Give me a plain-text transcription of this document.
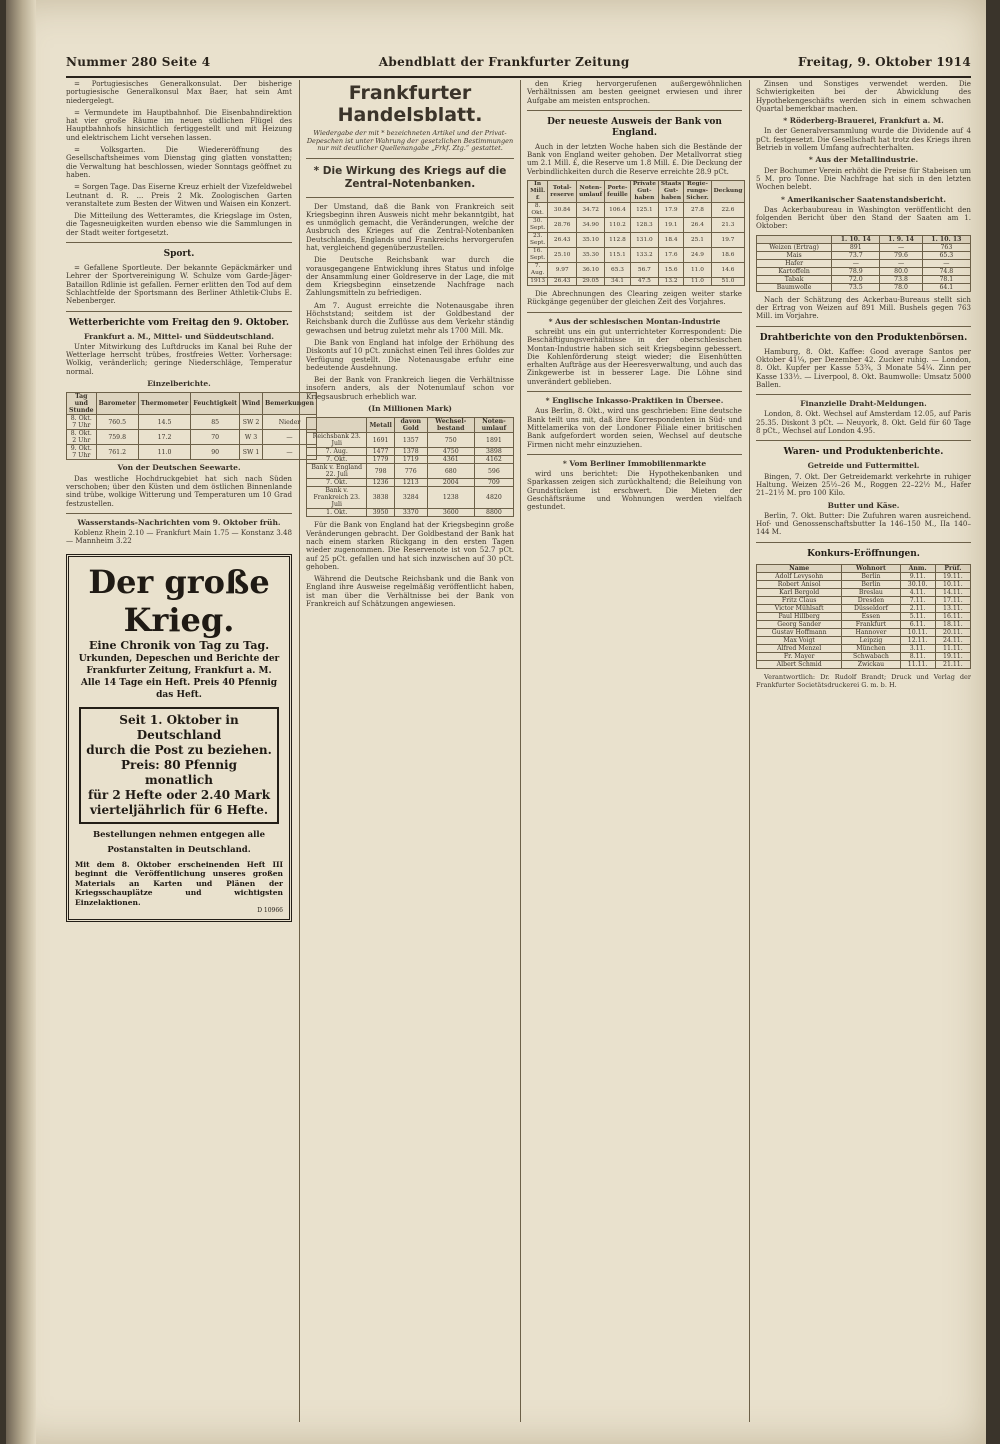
Nummer 280 Seite 4	Abendblatt der Frankfurter Zeitung	Freitag, 9. Oktober 1914

= Portugiesisches Generalkonsulat. Der bisherige portugiesische Generalkonsul Max Baer, hat sein Amt niedergelegt.

= Vermundete im Hauptbahnhof. Die Eisenbahndirektion hat vier große Räume im neuen südlichen Flügel des Hauptbahnhofs hinsichtlich fertiggestellt und mit Heizung und elektrischem Licht versehen lassen.

= Volksgarten. Die Wiedereröffnung des Gesellschaftsheimes vom Dienstag ging glatten vonstatten; die Verwaltung hat beschlossen, wieder Sonntags geöffnet zu haben.

= Sorgen Tage. Das Eiserne Kreuz erhielt der Vizefeldwebel Leutnant d. R. ... Preis 2 Mk. Zoologischen Garten veranstaltete zum Besten der Witwen und Waisen ein Konzert.

Die Mitteilung des Wetteramtes, die Kriegslage im Osten, die Tagesneuigkeiten wurden ebenso wie die Sammlungen in der Stadt weiter fortgesetzt.

Sport.

= Gefallene Sportleute. Der bekannte Gepäckmärker und Lehrer der Sportvereinigung W. Schulze vom Garde-Jäger-Bataillon Rdlinie ist gefallen. Ferner erlitten den Tod auf dem Schlachtfelde der Sportsmann des Berliner Athletik-Clubs E. Nebenberger.

Wetterberichte vom Freitag den 9. Oktober.
Frankfurt a. M., Mittel- und Süddeutschland.

Unter Mitwirkung des Luftdrucks im Kanal bei Ruhe der Wetterlage herrscht trübes, frostfreies Wetter. Vorhersage: Wolkig, veränderlich; geringe Niederschläge, Temperatur normal.

Einzelberichte.
Tag und Stunde	Barometer	Thermometer	Feuchtigkeit	Wind	Bemerkungen
8. Okt. 7 Uhr	760.5	14.5	85	SW 2	Nieder
8. Okt. 2 Uhr	759.8	17.2	70	W 3	—
9. Okt. 7 Uhr	761.2	11.0	90	SW 1	—
Von der Deutschen Seewarte.

Das westliche Hochdruckgebiet hat sich nach Süden verschoben; über den Küsten und dem östlichen Binnenlande sind trübe, wolkige Witterung und Temperaturen um 10 Grad festzustellen.

Wasserstands-Nachrichten vom 9. Oktober früh.

Koblenz Rhein 2.10 — Frankfurt Main 1.75 — Konstanz 3.48 — Mannheim 3.22

Der große Krieg.
Eine Chronik von Tag zu Tag.
Urkunden, Depeschen und Berichte der
Frankfurter Zeitung, Frankfurt a. M.
Alle 14 Tage ein Heft. Preis 40 Pfennig das Heft.
Seit 1. Oktober in Deutschland
durch die Post zu beziehen.
Preis: 80 Pfennig monatlich
für 2 Hefte oder 2.40 Mark
vierteljährlich für 6 Hefte.
Bestellungen nehmen entgegen alle
Postanstalten in Deutschland.
Mit dem 8. Oktober erscheinenden Heft III beginnt die Veröffentlichung unseres großen Materials an Karten und Plänen der Kriegsschauplätze und wichtigsten Einzelaktionen.
D 10966
Frankfurter Handelsblatt.
Wiedergabe der mit * bezeichneten Artikel und der Privat-Depeschen ist unter Wahrung der gesetzlichen Bestimmungen nur mit deutlicher Quellenangabe „Frkf. Ztg.“ gestattet.
* Die Wirkung des Kriegs auf die Zentral-Notenbanken.

Der Umstand, daß die Bank von Frankreich seit Kriegsbeginn ihren Ausweis nicht mehr bekanntgibt, hat es unmöglich gemacht, die Veränderungen, welche der Ausbruch des Krieges auf die Zentral-Notenbanken Deutschlands, Englands und Frankreichs hervorgerufen hat, vergleichend gegenüberzustellen.

Die Deutsche Reichsbank war durch die vorausgegangene Entwicklung ihres Status und infolge der Ansammlung einer Goldreserve in der Lage, die mit dem Kriegsbeginn einsetzende Nachfrage nach Zahlungsmitteln zu befriedigen.

Am 7. August erreichte die Notenausgabe ihren Höchststand; seitdem ist der Goldbestand der Reichsbank durch die Zuflüsse aus dem Verkehr ständig gewachsen und betrug zuletzt mehr als 1700 Mill. Mk.

Die Bank von England hat infolge der Erhöhung des Diskonts auf 10 pCt. zunächst einen Teil ihres Goldes zur Verfügung gestellt. Die Notenausgabe erfuhr eine bedeutende Ausdehnung.

Bei der Bank von Frankreich liegen die Verhältnisse insofern anders, als der Notenumlauf schon vor Kriegsausbruch erheblich war.

(In Millionen Mark)
	Metall	davon Gold	Wechsel-bestand	Noten-umlauf
Reichsbank 23. Juli	1691	1357	750	1891
7. Aug.	1477	1378	4750	3898
7. Okt.	1779	1719	4361	4162
Bank v. England 22. Juli	798	776	680	596
7. Okt.	1236	1213	2004	709
Bank v. Frankreich 23. Juli	3838	3284	1238	4820
1. Okt.	3950	3370	3600	8800

Für die Bank von England hat der Kriegsbeginn große Veränderungen gebracht. Der Goldbestand der Bank hat nach einem starken Rückgang in den ersten Tagen wieder zugenommen. Die Reservenote ist von 52.7 pCt. auf 25 pCt. gefallen und hat sich inzwischen auf 30 pCt. gehoben.

Während die Deutsche Reichsbank und die Bank von England ihre Ausweise regelmäßig veröffentlicht haben, ist man über die Verhältnisse bei der Bank von Frankreich auf Schätzungen angewiesen.

den Krieg hervorgerufenen außergewöhnlichen Verhältnissen am besten geeignet erwiesen und ihrer Aufgabe am meisten entsprochen.

Der neueste Ausweis der Bank von England.

Auch in der letzten Woche haben sich die Bestände der Bank von England weiter gehoben. Der Metallvorrat stieg um 2.1 Mill. £, die Reserve um 1.8 Mill. £. Die Deckung der Verbindlichkeiten durch die Reserve erreichte 28.9 pCt.

In Mill. £	Total-reserve	Noten-umlauf	Porte-feuille	Private Gut-haben	Staats Gut-haben	Regie-rungs-Sicher.	Deckung
8. Okt.	30.84	34.72	106.4	125.1	17.9	27.8	22.6
30. Sept.	28.76	34.90	110.2	128.3	19.1	26.4	21.3
23. Sept.	26.43	35.10	112.8	131.0	18.4	25.1	19.7
16. Sept.	25.10	35.30	115.1	133.2	17.6	24.9	18.6
7. Aug.	9.97	36.10	65.3	56.7	15.6	11.0	14.6
1913	26.43	29.05	34.1	47.5	13.2	11.0	51.0

Die Abrechnungen des Clearing zeigen weiter starke Rückgänge gegenüber der gleichen Zeit des Vorjahres.

* Aus der schlesischen Montan-Industrie

schreibt uns ein gut unterrichteter Korrespondent: Die Beschäftigungsverhältnisse in der oberschlesischen Montan-Industrie haben sich seit Kriegsbeginn gebessert. Die Kohlenförderung steigt wieder; die Eisenhütten erhalten Aufträge aus der Heeresverwaltung, und auch das Zinkgewerbe ist in besserer Lage. Die Löhne sind unverändert geblieben.

* Englische Inkasso-Praktiken in Übersee.

Aus Berlin, 8. Okt., wird uns geschrieben: Eine deutsche Bank teilt uns mit, daß ihre Korrespondenten in Süd- und Mittelamerika von der Londoner Filiale einer britischen Bank aufgefordert worden seien, Wechsel auf deutsche Firmen nicht mehr einzuziehen.

* Vom Berliner Immobilienmarkte

wird uns berichtet: Die Hypothekenbanken und Sparkassen zeigen sich zurückhaltend; die Beleihung von Grundstücken ist erschwert. Die Mieten der Geschäftsräume und Wohnungen werden vielfach gestundet.

Zinsen und Sonstiges verwendet werden. Die Schwierigkeiten bei der Abwicklung des Hypothekengeschäfts werden sich in einem schwachen Quartal bemerkbar machen.

* Röderberg-Brauerei, Frankfurt a. M.

In der Generalversammlung wurde die Dividende auf 4 pCt. festgesetzt. Die Gesellschaft hat trotz des Kriegs ihren Betrieb in vollem Umfang aufrechterhalten.

* Aus der Metallindustrie.

Der Bochumer Verein erhöht die Preise für Stabeisen um 5 M. pro Tonne. Die Nachfrage hat sich in den letzten Wochen belebt.

* Amerikanischer Saatenstandsbericht.

Das Ackerbaubureau in Washington veröffentlicht den folgenden Bericht über den Stand der Saaten am 1. Oktober:

	1. 10. 14	1. 9. 14	1. 10. 13
Weizen (Ertrag)	891	—	763
Mais	73.7	79.6	65.3
Hafer	—	—	—
Kartoffeln	78.9	80.0	74.8
Tabak	72.0	73.8	78.1
Baumwolle	73.5	78.0	64.1

Nach der Schätzung des Ackerbau-Bureaus stellt sich der Ertrag von Weizen auf 891 Mill. Bushels gegen 763 Mill. im Vorjahre.

Drahtberichte von den Produktenbörsen.

Hamburg, 8. Okt. Kaffee: Good average Santos per Oktober 41¼, per Dezember 42. Zucker ruhig. — London, 8. Okt. Kupfer per Kasse 53¾, 3 Monate 54¼. Zinn per Kasse 133½. — Liverpool, 8. Okt. Baumwolle: Umsatz 5000 Ballen.

Finanzielle Draht-Meldungen.

London, 8. Okt. Wechsel auf Amsterdam 12.05, auf Paris 25.35. Diskont 3 pCt. — Neuyork, 8. Okt. Geld für 60 Tage 8 pCt., Wechsel auf London 4.95.

Waren- und Produktenberichte.
Getreide und Futtermittel.

Bingen, 7. Okt. Der Getreidemarkt verkehrte in ruhiger Haltung. Weizen 25½–26 M., Roggen 22–22½ M., Hafer 21–21½ M. pro 100 Kilo.

Butter und Käse.

Berlin, 7. Okt. Butter: Die Zufuhren waren ausreichend. Hof- und Genossenschaftsbutter Ia 146–150 M., IIa 140–144 M.

Konkurs-Eröffnungen.
Name	Wohnort	Anm.	Prüf.
Adolf Levysohn	Berlin	9.11.	19.11.
Robert Anisol	Berlin	30.10.	10.11.
Karl Bergold	Breslau	4.11.	14.11.
Fritz Claus	Dresden	7.11.	17.11.
Victor Mühlsaft	Düsseldorf	2.11.	13.11.
Paul Hillberg	Essen	5.11.	16.11.
Georg Sander	Frankfurt	6.11.	18.11.
Gustav Hoffmann	Hannover	10.11.	20.11.
Max Voigt	Leipzig	12.11.	24.11.
Alfred Menzel	München	3.11.	11.11.
Fr. Mayer	Schwabach	8.11.	19.11.
Albert Schmid	Zwickau	11.11.	21.11.

Verantwortlich: Dr. Rudolf Brandt; Druck und Verlag der Frankfurter Societätsdruckerei G. m. b. H.
